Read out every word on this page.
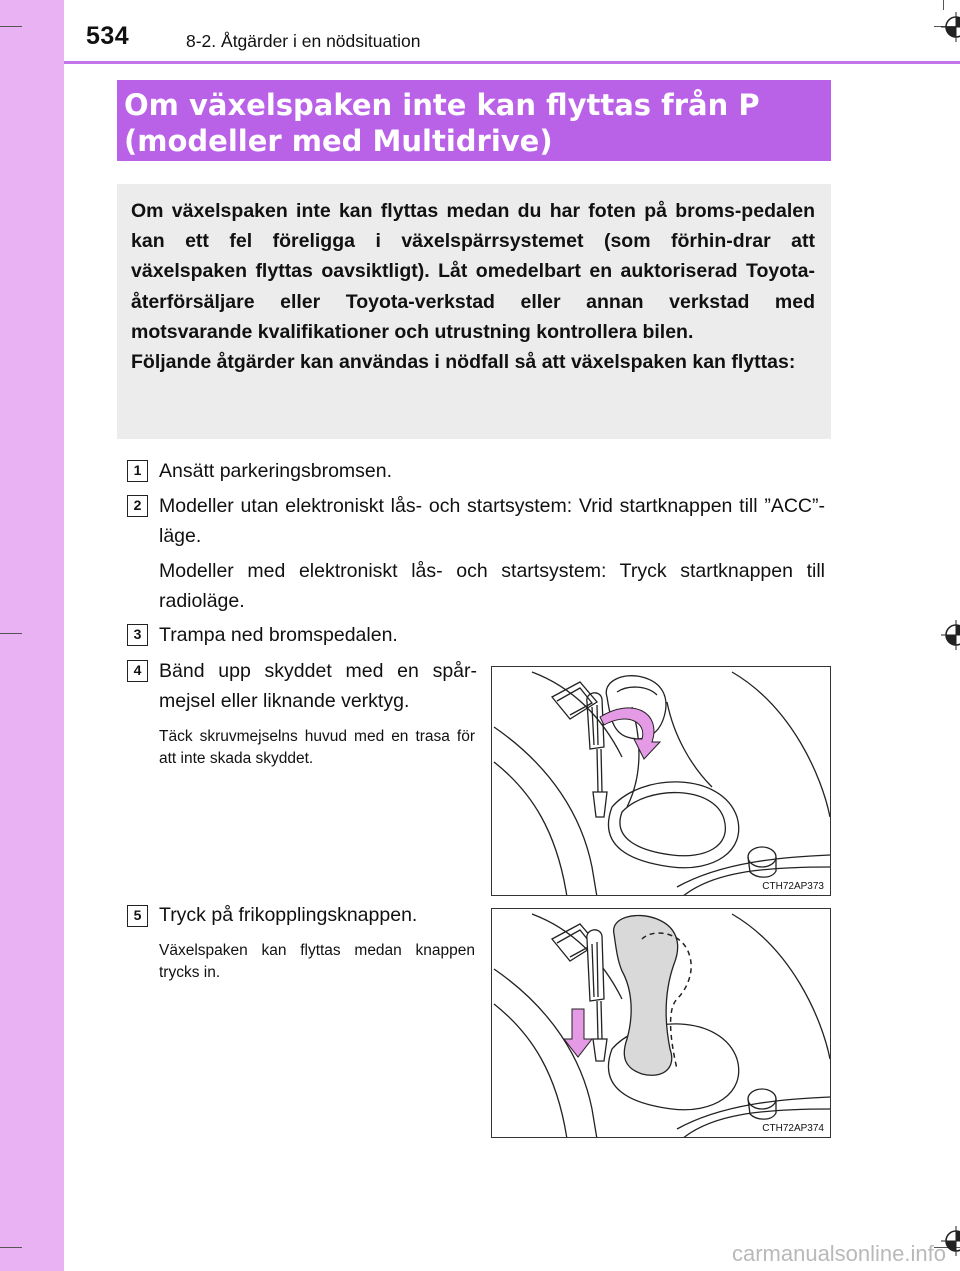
534	8-2. Åtgärder i en nödsituation
Om växelspaken inte kan flyttas från P
(modeller med Multidrive)

Om växelspaken inte kan flyttas medan du har foten på broms-pedalen kan ett fel föreligga i växelspärrsystemet (som förhin-drar att växelspaken flyttas oavsiktligt). Låt omedelbart en auktoriserad Toyota-återförsäljare eller Toyota-verkstad eller annan verkstad med motsvarande kvalifikationer och utrustning kontrollera bilen.

Följande åtgärder kan användas i nödfall så att växelspaken kan flyttas:

1 Ansätt parkeringsbromsen.
2 Modeller utan elektroniskt lås- och startsystem: Vrid startknappen till ”ACC”-läge.
Modeller med elektroniskt lås- och startsystem: Tryck startknappen till radioläge.
3 Trampa ned bromspedalen.
4 Bänd upp skyddet med en spår-mejsel eller liknande verktyg.
Täck skruvmejselns huvud med en trasa för att inte skada skyddet.
CTH72AP373
5 Tryck på frikopplingsknappen.
Växelspaken kan flyttas medan knappen trycks in.
CTH72AP374
carmanualsonline.info
